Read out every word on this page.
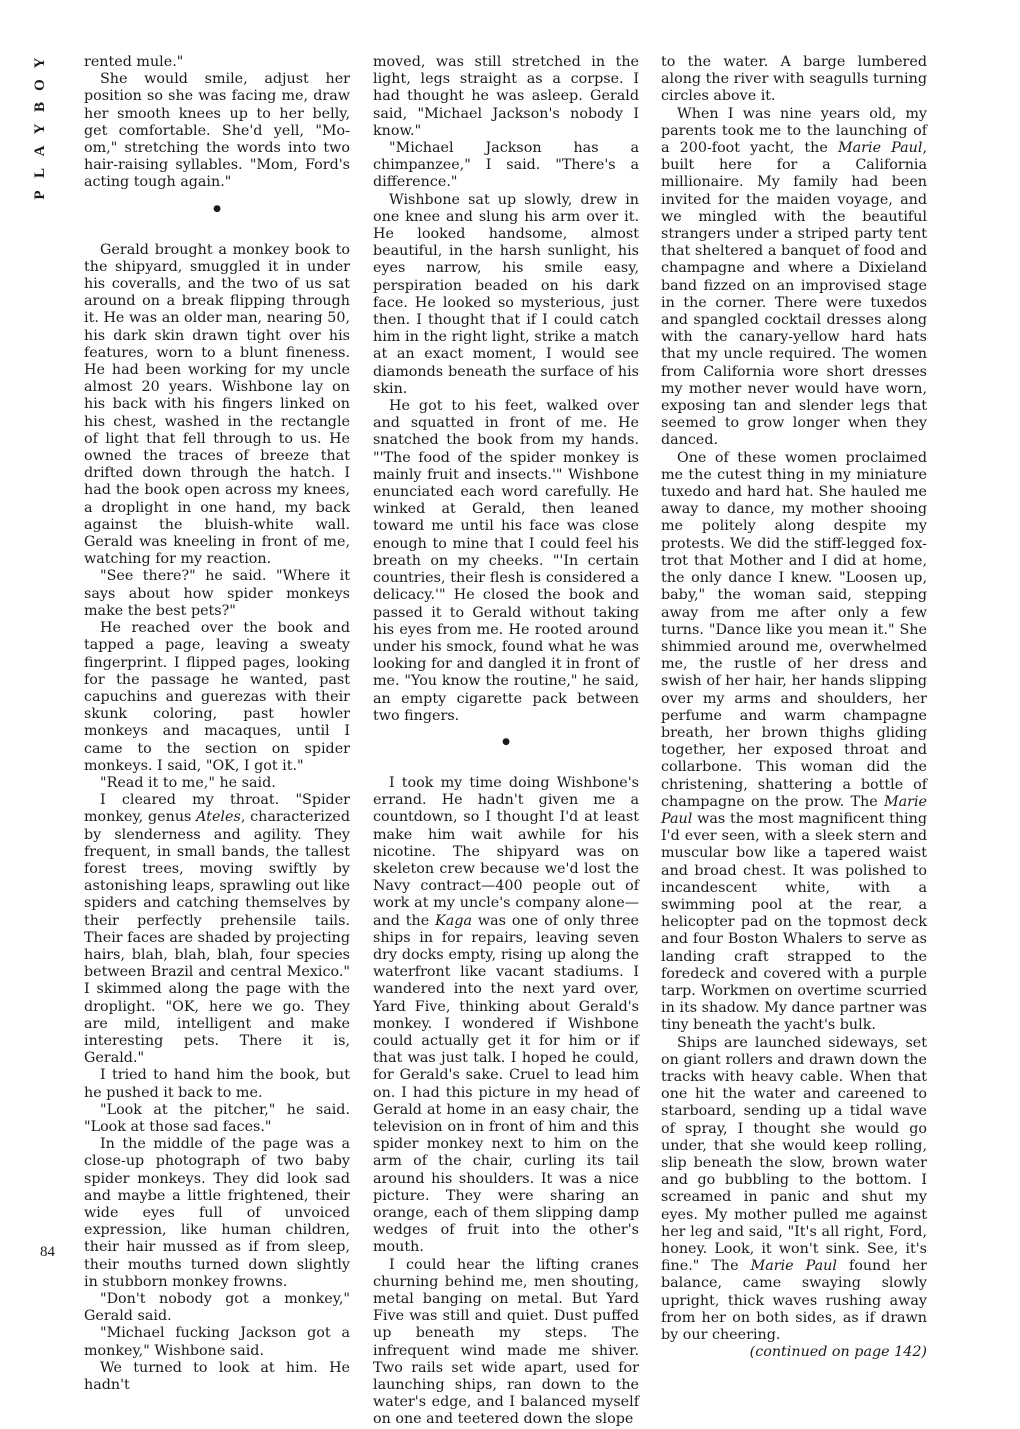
Y
O
B
Y
A
L
P
84

rented mule."

She would smile, adjust her position so she was facing me, draw her smooth knees up to her belly, get comfortable. She'd yell, "Mo-om," stretching the words into two hair-raising syllables. "Mom, Ford's acting tough again."

●

Gerald brought a monkey book to the shipyard, smuggled it in under his coveralls, and the two of us sat around on a break flipping through it. He was an older man, nearing 50, his dark skin drawn tight over his features, worn to a blunt fineness. He had been working for my uncle almost 20 years. Wishbone lay on his back with his fingers linked on his chest, washed in the rectangle of light that fell through to us. He owned the traces of breeze that drifted down through the hatch. I had the book open across my knees, a droplight in one hand, my back against the bluish-white wall. Gerald was kneeling in front of me, watching for my reaction.

"See there?" he said. "Where it says about how spider monkeys make the best pets?"

He reached over the book and tapped a page, leaving a sweaty fingerprint. I flipped pages, looking for the passage he wanted, past capuchins and guerezas with their skunk coloring, past howler monkeys and macaques, until I came to the section on spider monkeys. I said, "OK, I got it."

"Read it to me," he said.

I cleared my throat. "Spider monkey, genus Ateles, characterized by slenderness and agility. They frequent, in small bands, the tallest forest trees, moving swiftly by astonishing leaps, sprawling out like spiders and catching themselves by their perfectly prehensile tails. Their faces are shaded by projecting hairs, blah, blah, blah, four species between Brazil and central Mexico." I skimmed along the page with the droplight. "OK, here we go. They are mild, intelligent and make interesting pets. There it is, Gerald."

I tried to hand him the book, but he pushed it back to me.

"Look at the pitcher," he said. "Look at those sad faces."

In the middle of the page was a close-up photograph of two baby spider monkeys. They did look sad and maybe a little frightened, their wide eyes full of unvoiced expression, like human children, their hair mussed as if from sleep, their mouths turned down slightly in stubborn monkey frowns.

"Don't nobody got a monkey," Gerald said.

"Michael fucking Jackson got a monkey," Wishbone said.

We turned to look at him. He hadn't

moved, was still stretched in the light, legs straight as a corpse. I had thought he was asleep. Gerald said, "Michael Jackson's nobody I know."

"Michael Jackson has a chimpanzee," I said. "There's a difference."

Wishbone sat up slowly, drew in one knee and slung his arm over it. He looked handsome, almost beautiful, in the harsh sunlight, his eyes narrow, his smile easy, perspiration beaded on his dark face. He looked so mysterious, just then. I thought that if I could catch him in the right light, strike a match at an exact moment, I would see diamonds beneath the surface of his skin.

He got to his feet, walked over and squatted in front of me. He snatched the book from my hands. "'The food of the spider monkey is mainly fruit and insects.'" Wishbone enunciated each word carefully. He winked at Gerald, then leaned toward me until his face was close enough to mine that I could feel his breath on my cheeks. "'In certain countries, their flesh is considered a delicacy.'" He closed the book and passed it to Gerald without taking his eyes from me. He rooted around under his smock, found what he was looking for and dangled it in front of me. "You know the routine," he said, an empty cigarette pack between two fingers.

●

I took my time doing Wishbone's errand. He hadn't given me a countdown, so I thought I'd at least make him wait awhile for his nicotine. The shipyard was on skeleton crew because we'd lost the Navy contract—400 people out of work at my uncle's company alone—and the Kaga was one of only three ships in for repairs, leaving seven dry docks empty, rising up along the waterfront like vacant stadiums. I wandered into the next yard over, Yard Five, thinking about Gerald's monkey. I wondered if Wishbone could actually get it for him or if that was just talk. I hoped he could, for Gerald's sake. Cruel to lead him on. I had this picture in my head of Gerald at home in an easy chair, the television on in front of him and this spider monkey next to him on the arm of the chair, curling its tail around his shoulders. It was a nice picture. They were sharing an orange, each of them slipping damp wedges of fruit into the other's mouth.

I could hear the lifting cranes churning behind me, men shouting, metal banging on metal. But Yard Five was still and quiet. Dust puffed up beneath my steps. The infrequent wind made me shiver. Two rails set wide apart, used for launching ships, ran down to the water's edge, and I balanced myself on one and teetered down the slope

to the water. A barge lumbered along the river with seagulls turning circles above it.

When I was nine years old, my parents took me to the launching of a 200-foot yacht, the Marie Paul, built here for a California millionaire. My family had been invited for the maiden voyage, and we mingled with the beautiful strangers under a striped party tent that sheltered a banquet of food and champagne and where a Dixieland band fizzed on an improvised stage in the corner. There were tuxedos and spangled cocktail dresses along with the canary-yellow hard hats that my uncle required. The women from California wore short dresses my mother never would have worn, exposing tan and slender legs that seemed to grow longer when they danced.

One of these women proclaimed me the cutest thing in my miniature tuxedo and hard hat. She hauled me away to dance, my mother shooing me politely along despite my protests. We did the stiff-legged fox-trot that Mother and I did at home, the only dance I knew. "Loosen up, baby," the woman said, stepping away from me after only a few turns. "Dance like you mean it." She shimmied around me, overwhelmed me, the rustle of her dress and swish of her hair, her hands slipping over my arms and shoulders, her perfume and warm champagne breath, her brown thighs gliding together, her exposed throat and collarbone. This woman did the christening, shattering a bottle of champagne on the prow. The Marie Paul was the most magnificent thing I'd ever seen, with a sleek stern and muscular bow like a tapered waist and broad chest. It was polished to incandescent white, with a swimming pool at the rear, a helicopter pad on the topmost deck and four Boston Whalers to serve as landing craft strapped to the foredeck and covered with a purple tarp. Workmen on overtime scurried in its shadow. My dance partner was tiny beneath the yacht's bulk.

Ships are launched sideways, set on giant rollers and drawn down the tracks with heavy cable. When that one hit the water and careened to starboard, sending up a tidal wave of spray, I thought she would go under, that she would keep rolling, slip beneath the slow, brown water and go bubbling to the bottom. I screamed in panic and shut my eyes. My mother pulled me against her leg and said, "It's all right, Ford, honey. Look, it won't sink. See, it's fine." The Marie Paul found her balance, came swaying slowly upright, thick waves rushing away from her on both sides, as if drawn by our cheering.

(continued on page 142)
